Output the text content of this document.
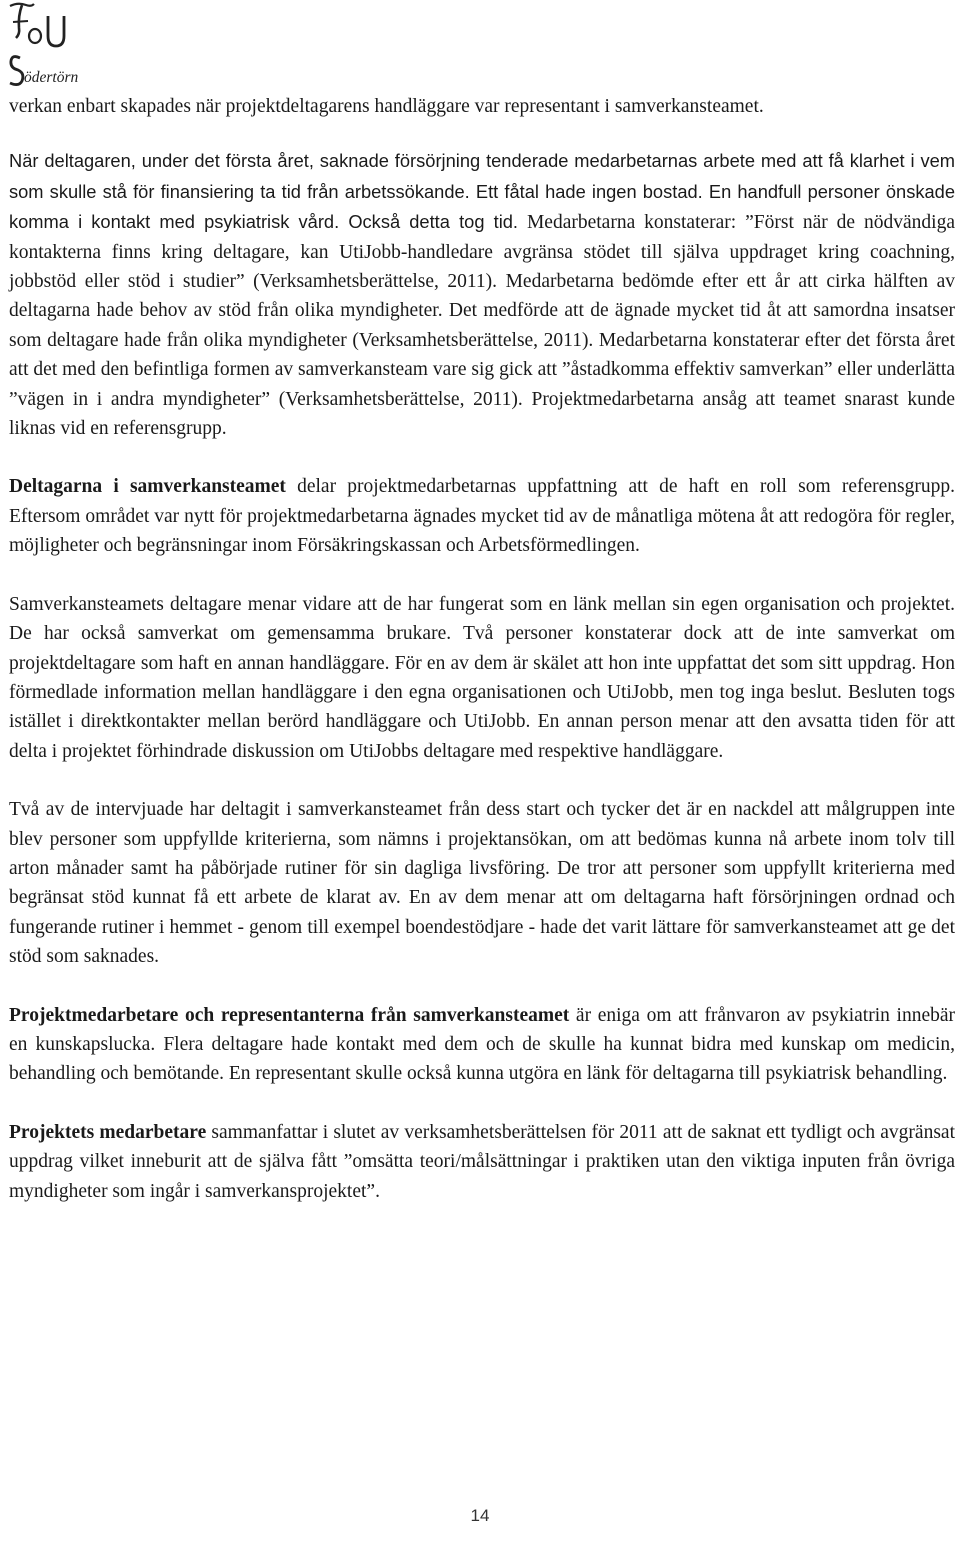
ödertörn

verkan enbart skapades när projektdeltagarens handläggare var representant i samverkansteamet.

När deltagaren, under det första året, saknade försörjning tenderade medarbetarnas arbete med att få klarhet i vem som skulle stå för finansiering ta tid från arbetssökande. Ett fåtal hade ingen bostad. En handfull personer önskade komma i kontakt med psykiatrisk vård. Också detta tog tid. Medarbetarna konstaterar: ”Först när de nödvändiga kontakterna finns kring deltagare, kan UtiJobb-handledare avgränsa stödet till själva uppdraget kring coachning, jobbstöd eller stöd i studier” (Verksamhetsberättelse, 2011). Medarbetarna bedömde efter ett år att cirka hälften av deltagarna hade behov av stöd från olika myndigheter. Det medförde att de ägnade mycket tid åt att samordna insatser som deltagare hade från olika myndigheter (Verksamhetsberättelse, 2011). Medarbetarna konstaterar efter det första året att det med den befintliga formen av samverkansteam vare sig gick att ”åstadkomma effektiv samverkan” eller underlätta ”vägen in i andra myndigheter” (Verksamhetsberättelse, 2011). Projektmedarbetarna ansåg att teamet snarast kunde liknas vid en referensgrupp.

Deltagarna i samverkansteamet delar projektmedarbetarnas uppfattning att de haft en roll som referensgrupp. Eftersom området var nytt för projektmedarbetarna ägnades mycket tid av de månatliga mötena åt att redogöra för regler, möjligheter och begränsningar inom Försäkringskassan och Arbetsförmedlingen.

Samverkansteamets deltagare menar vidare att de har fungerat som en länk mellan sin egen organisation och projektet. De har också samverkat om gemensamma brukare. Två personer konstaterar dock att de inte samverkat om projektdeltagare som haft en annan handläggare. För en av dem är skälet att hon inte uppfattat det som sitt uppdrag. Hon förmedlade information mellan handläggare i den egna organisationen och UtiJobb, men tog inga beslut. Besluten togs istället i direktkontakter mellan berörd handläggare och UtiJobb. En annan person menar att den avsatta tiden för att delta i projektet förhindrade diskussion om UtiJobbs deltagare med respektive handläggare.

Två av de intervjuade har deltagit i samverkansteamet från dess start och tycker det är en nackdel att målgruppen inte blev personer som uppfyllde kriterierna, som nämns i projektansökan, om att bedömas kunna nå arbete inom tolv till arton månader samt ha påbörjade rutiner för sin dagliga livsföring. De tror att personer som uppfyllt kriterierna med begränsat stöd kunnat få ett arbete de klarat av. En av dem menar att om deltagarna haft försörjningen ordnad och fungerande rutiner i hemmet - genom till exempel boendestödjare - hade det varit lättare för samverkansteamet att ge det stöd som saknades.

Projektmedarbetare och representanterna från samverkansteamet är eniga om att frånvaron av psykiatrin innebär en kunskapslucka. Flera deltagare hade kontakt med dem och de skulle ha kunnat bidra med kunskap om medicin, behandling och bemötande. En representant skulle också kunna utgöra en länk för deltagarna till psykiatrisk behandling.

Projektets medarbetare sammanfattar i slutet av verksamhetsberättelsen för 2011 att de saknat ett tydligt och avgränsat uppdrag vilket inneburit att de själva fått ”omsätta teori/målsättningar i praktiken utan den viktiga inputen från övriga myndigheter som ingår i samverkansprojektet”.

14
